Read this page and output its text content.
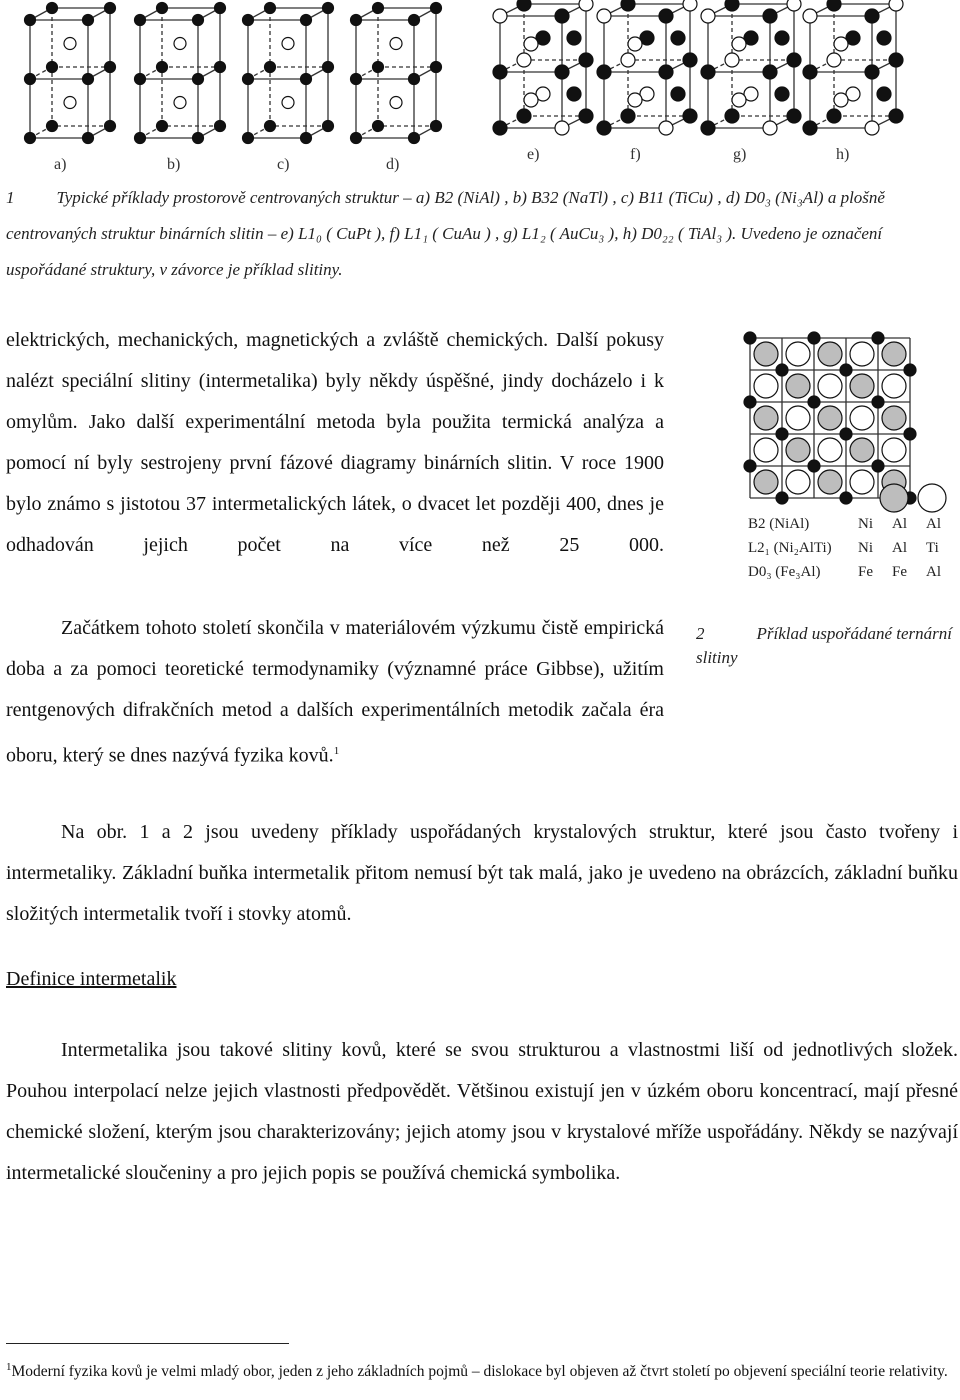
a)	b)	c)	d)
e)	f)	g)	h)
1 Typické příklady prostorově centrovaných struktur – a) B2 (NiAl) , b) B32 (NaTl) , c) B11 (TiCu) , d) D0₃ (Ni₃Al) a plošně centrovaných struktur binárních slitin – e) L1₀ ( CuPt ), f) L1₁ ( CuAu ) , g) L1₂ ( AuCu₃ ), h) D0₂₂ ( TiAl₃ ). Uvedeno je označení uspořádané struktury, v závorce je příklad slitiny.

elektrických, mechanických, magnetických a zvláště chemických. Další pokusy nalézt speciální slitiny (intermetalika) byly někdy úspěšné, jindy docházelo i k omylům. Jako další experimentální metoda byla použita termická analýza a pomocí ní byly sestrojeny první fázové diagramy binárních slitin. V roce 1900 bylo známo s jistotou 37 intermetalických látek, o dvacet let později 400, dnes je odhadován jejich počet na více než 25 000.

Začátkem tohoto století skončila v materiálovém výzkumu čistě empirická doba a za pomoci teoretické termodynamiky (významné práce Gibbse), užitím rentgenových difrakčních metod a dalších experimentálních metodik začala éra oboru, který se dnes nazývá fyzika kovů.$^1$

Na obr. 1 a 2 jsou uvedeny příklady uspořádaných krystalových struktur, které jsou často tvořeny i intermetaliky. Základní buňka intermetalik přitom nemusí být tak malá, jako je uvedeno na obrázcích, základní buňku složitých intermetalik tvoří i stovky atomů.

Definice intermetalik

Intermetalika jsou takové slitiny kovů, které se svou strukturou a vlastnostmi liší od jednotlivých složek. Pouhou interpolací nelze jejich vlastnosti předpovědět. Většinou existují jen v úzkém oboru koncentrací, mají přesné chemické složení, kterým jsou charakterizovány; jejich atomy jsou v krystalové mříže uspořádány. Někdy se nazývají intermetalické sloučeniny a pro jejich popis se používá chemická symbolika.

B2 (NiAl)	Ni Al Al
L2₁ (Ni₂AlTi) Ni Al Ti
D0₃ (Fe₃Al) Fe Fe Al
2	Příklad uspořádané ternární slitiny
$^1$Moderní fyzika kovů je velmi mladý obor, jeden z jeho základních pojmů – dislokace byl objeven až čtvrt století po objevení speciální teorie relativity.
